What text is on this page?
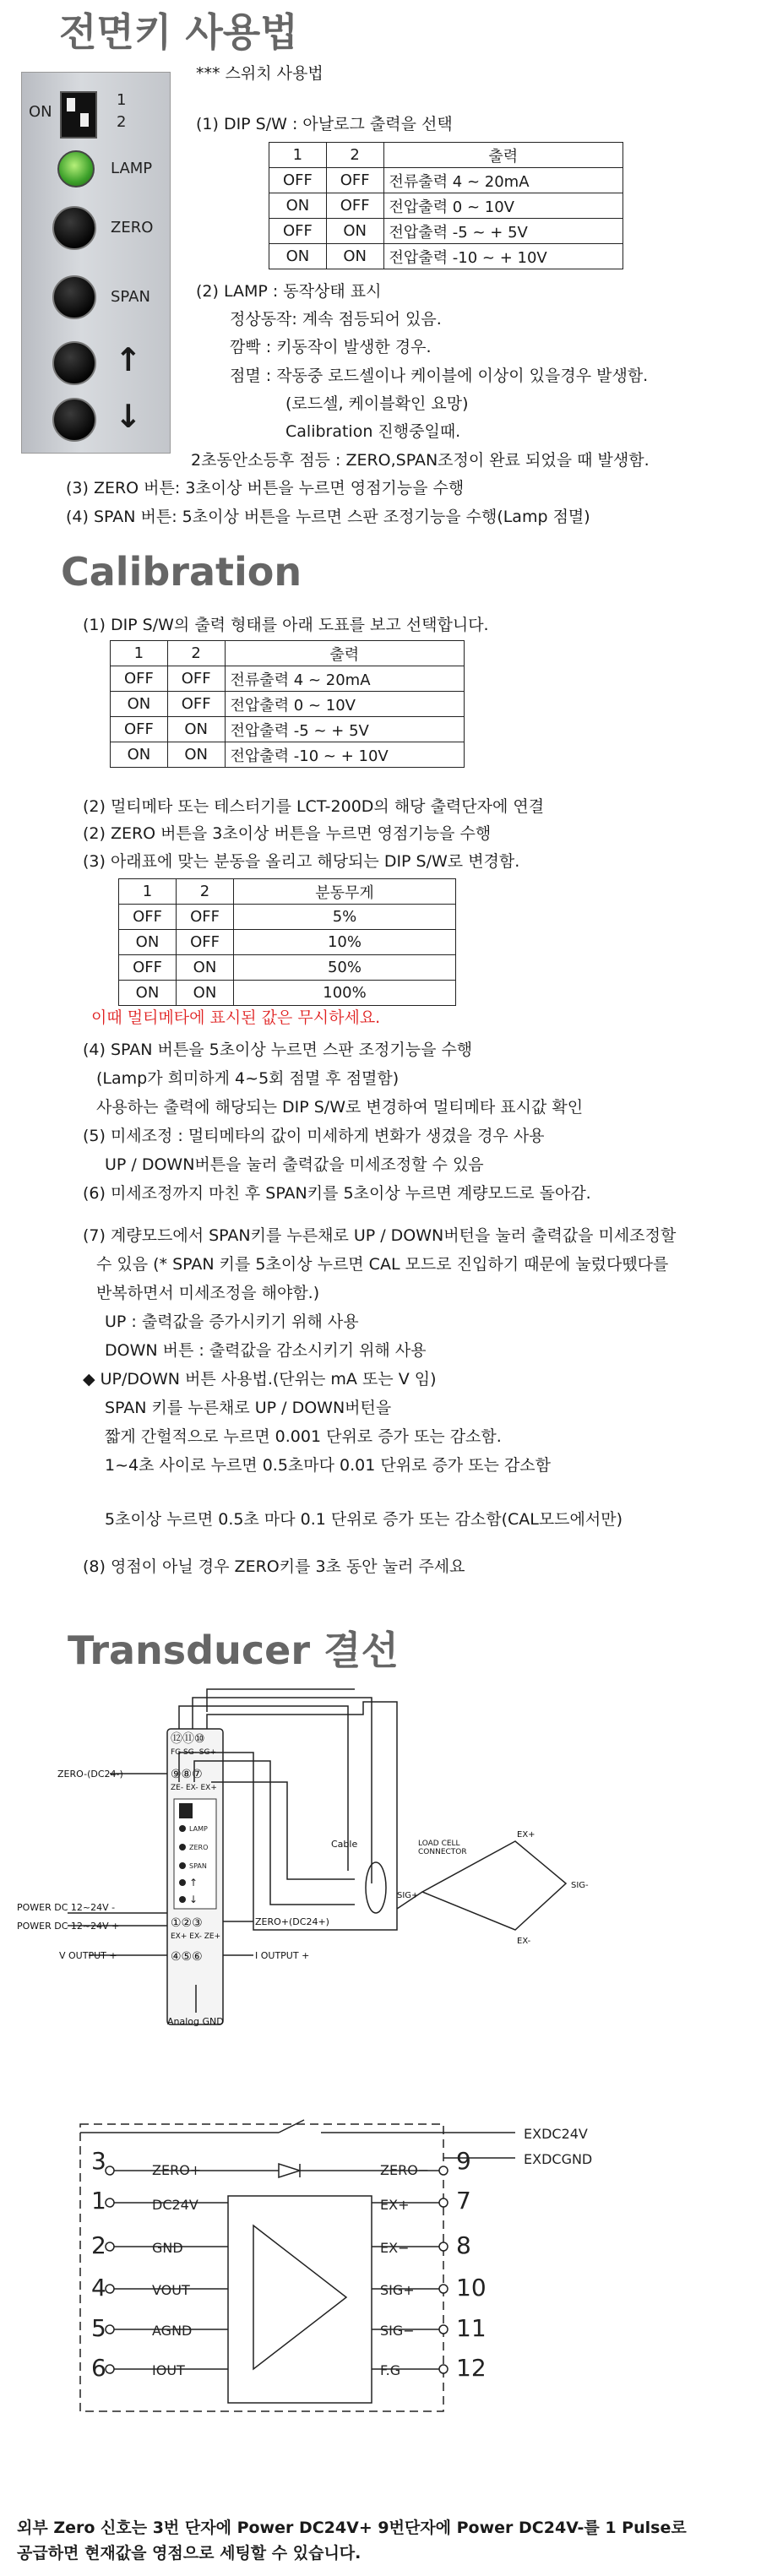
전면키 사용법
ON
1
2
LAMP
ZERO
SPAN
↑
↓
*** 스위치 사용법
(1) DIP S/W : 아날로그 출력을 선택
1	2	출력
OFF	OFF	전류출력 4 ~ 20mA
ON	OFF	전압출력 0 ~ 10V
OFF	ON	전압출력 -5 ~ + 5V
ON	ON	전압출력 -10 ~ + 10V
(2) LAMP : 동작상태 표시
정상동작: 계속 점등되어 있음.
깜빡 : 키동작이 발생한 경우.
점멸 : 작동중 로드셀이나 케이블에 이상이 있을경우 발생함.
(로드셀, 케이블확인 요망)
Calibration 진행중일때.
2초동안소등후 점등 : ZERO,SPAN조정이 완료 되었을 때 발생함.
(3) ZERO 버튼: 3초이상 버튼을 누르면 영점기능을 수행
(4) SPAN 버튼: 5초이상 버튼을 누르면 스판 조정기능을 수행(Lamp 점멸)
Calibration
(1) DIP S/W의 출력 형태를 아래 도표를 보고 선택합니다.
1	2	출력
OFF	OFF	전류출력 4 ~ 20mA
ON	OFF	전압출력 0 ~ 10V
OFF	ON	전압출력 -5 ~ + 5V
ON	ON	전압출력 -10 ~ + 10V
(2) 멀티메타 또는 테스터기를 LCT-200D의 해당 출력단자에 연결
(2) ZERO 버튼을 3초이상 버튼을 누르면 영점기능을 수행
(3) 아래표에 맞는 분동을 올리고 해당되는 DIP S/W로 변경함.
1	2	분동무게
OFF	OFF	5%
ON	OFF	10%
OFF	ON	50%
ON	ON	100%
이때 멀티메타에 표시된 값은 무시하세요.
(4) SPAN 버튼을 5초이상 누르면 스판 조정기능을 수행
(Lamp가 희미하게 4~5회 점멸 후 점멸함)
사용하는 출력에 해당되는 DIP S/W로 변경하여 멀티메타 표시값 확인
(5) 미세조정 : 멀티메타의 값이 미세하게 변화가 생겼을 경우 사용
UP / DOWN버튼을 눌러 출력값을 미세조정할 수 있음
(6) 미세조정까지 마친 후 SPAN키를 5초이상 누르면 계량모드로 돌아감.
(7) 계량모드에서 SPAN키를 누른채로 UP / DOWN버턴을 눌러 출력값을 미세조정할
수 있음 (* SPAN 키를 5초이상 누르면 CAL 모드로 진입하기 때문에 눌렀다뗐다를
반복하면서 미세조정을 해야함.)
UP : 출력값을 증가시키기 위해 사용
DOWN 버튼 : 출력값을 감소시키기 위해 사용
◆ UP/DOWN 버튼 사용법.(단위는 mA 또는 V 임)
SPAN 키를 누른채로 UP / DOWN버턴을
짧게 간헐적으로 누르면 0.001 단위로 증가 또는 감소함.
1~4초 사이로 누르면 0.5초마다 0.01 단위로 증가 또는 감소함
5초이상 누르면 0.5초 마다 0.1 단위로 증가 또는 감소함(CAL모드에서만)
(8) 영점이 아닐 경우 ZERO키를 3초 동안 눌러 주세요
Transducer 결선
⑫⑪⑩
FG SG- SG+
⑨⑧⑦
ZE- EX- EX+
①②③
EX+ EX- ZE+
④⑤⑥
LAMP
ZERO
SPAN
↑
↓
ZERO-(DC24-)
ZERO+(DC24+)
POWER DC 12~24V -
POWER DC 12~24V +
V OUTPUT +	I OUTPUT +
Analog GND
Cable	LOAD CELL
CONNECTOR
EX+
EX-
SIG+
SIG-
3
1
2
4
5
6
9
7
8
10
11
12
ZERO+
DC24V
GND
VOUT
AGND
IOUT
ZERO−
EX+
EX−
SIG+
SIG−
F.G
EXDC24V
EXDCGND
외부 Zero 신호는 3번 단자에 Power DC24V+ 9번단자에 Power DC24V-를 1 Pulse로
공급하면 현재값을 영점으로 세팅할 수 있습니다.
